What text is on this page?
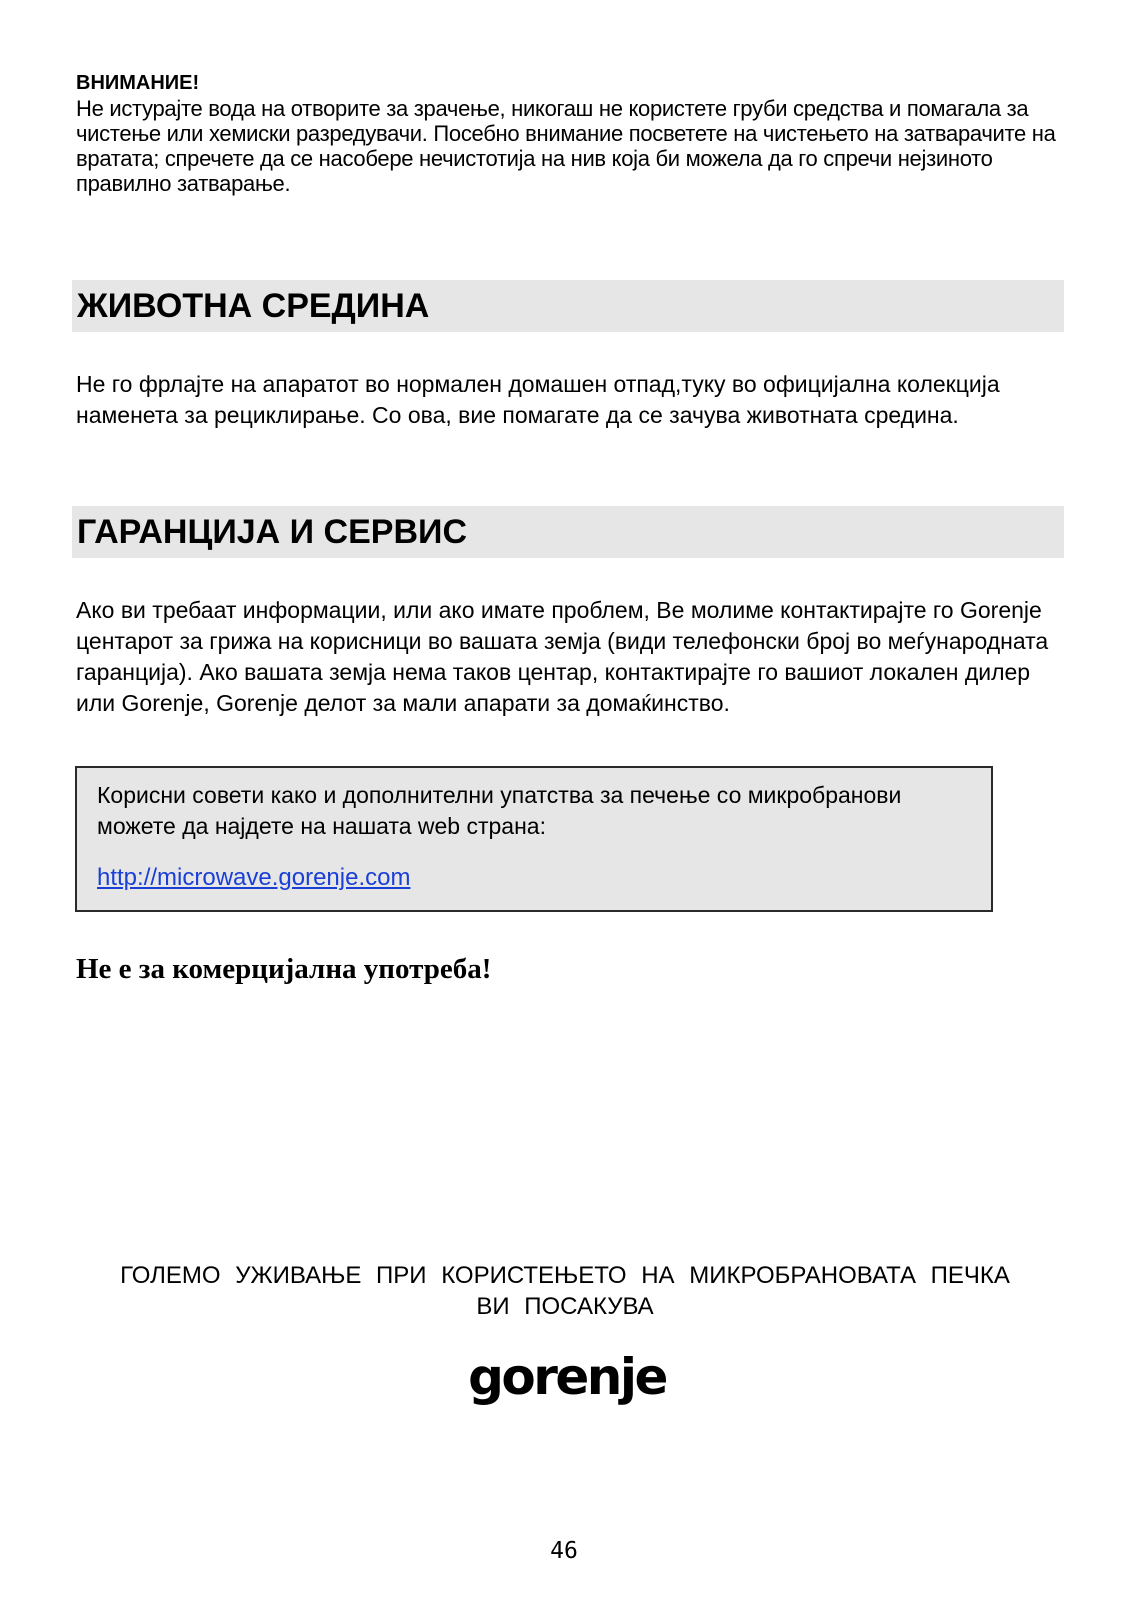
ВНИМАНИЕ!

Не истурајте вода на отворите за зрачење, никогаш не користете груби средства и помагала за чистење или хемиски разредувачи. Посебно внимание посветете на чистењето на затварачите на вратата; спречете да се насобере нечистотија на нив која би можела да го спречи нејзиното правилно затварање.

ЖИВОТНА СРЕДИНА

Не го фрлајте на апаратот во нормален домашен отпад,туку во официјална колекција наменета за рециклирање. Со ова, вие помагате да се зачува животната средина.

ГАРАНЦИЈА И СЕРВИС

Ако ви требаат информации, или ако имате проблем, Ве молиме контактирајте го Gorenje центарот за грижа на корисници во вашата земја (види телефонски број во меѓународната гаранција). Ако вашата земја нема таков центар, контактирајте го вашиот локален дилер или Gorenje, Gorenje делот за мали апарати за домаќинство.

Корисни совети како и дополнителни упатства за печење со микробранови можете да најдете на нашата web страна:

http://microwave.gorenje.com

Не е за комерцијална употреба!

ГОЛЕМО УЖИВАЊЕ ПРИ КОРИСТЕЊЕТО НА МИКРОБРАНОВАТА ПЕЧКА ВИ ПОСАКУВА

gorenje

46
